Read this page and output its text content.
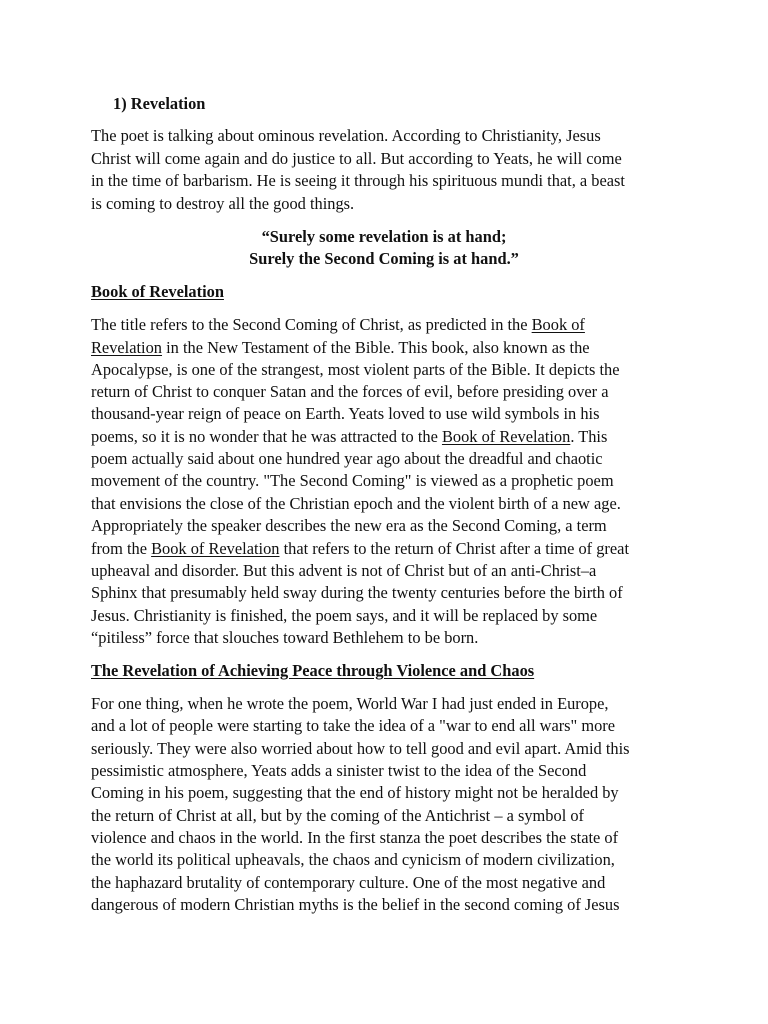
1) Revelation
The poet is talking about ominous revelation. According to Christianity, Jesus
Christ will come again and do justice to all. But according to Yeats, he will come
in the time of barbarism. He is seeing it through his spirituous mundi that, a beast
is coming to destroy all the good things.
“Surely some revelation is at hand;
Surely the Second Coming is at hand.”
Book of Revelation
The title refers to the Second Coming of Christ, as predicted in the Book of
Revelation in the New Testament of the Bible. This book, also known as the
Apocalypse, is one of the strangest, most violent parts of the Bible. It depicts the
return of Christ to conquer Satan and the forces of evil, before presiding over a
thousand-year reign of peace on Earth. Yeats loved to use wild symbols in his
poems, so it is no wonder that he was attracted to the Book of Revelation. This
poem actually said about one hundred year ago about the dreadful and chaotic
movement of the country. "The Second Coming" is viewed as a prophetic poem
that envisions the close of the Christian epoch and the violent birth of a new age.
Appropriately the speaker describes the new era as the Second Coming, a term
from the Book of Revelation that refers to the return of Christ after a time of great
upheaval and disorder. But this advent is not of Christ but of an anti-Christ–a
Sphinx that presumably held sway during the twenty centuries before the birth of
Jesus. Christianity is finished, the poem says, and it will be replaced by some
“pitiless” force that slouches toward Bethlehem to be born.
The Revelation of Achieving Peace through Violence and Chaos
For one thing, when he wrote the poem, World War I had just ended in Europe,
and a lot of people were starting to take the idea of a "war to end all wars" more
seriously. They were also worried about how to tell good and evil apart. Amid this
pessimistic atmosphere, Yeats adds a sinister twist to the idea of the Second
Coming in his poem, suggesting that the end of history might not be heralded by
the return of Christ at all, but by the coming of the Antichrist – a symbol of
violence and chaos in the world. In the first stanza the poet describes the state of
the world its political upheavals, the chaos and cynicism of modern civilization,
the haphazard brutality of contemporary culture. One of the most negative and
dangerous of modern Christian myths is the belief in the second coming of Jesus
